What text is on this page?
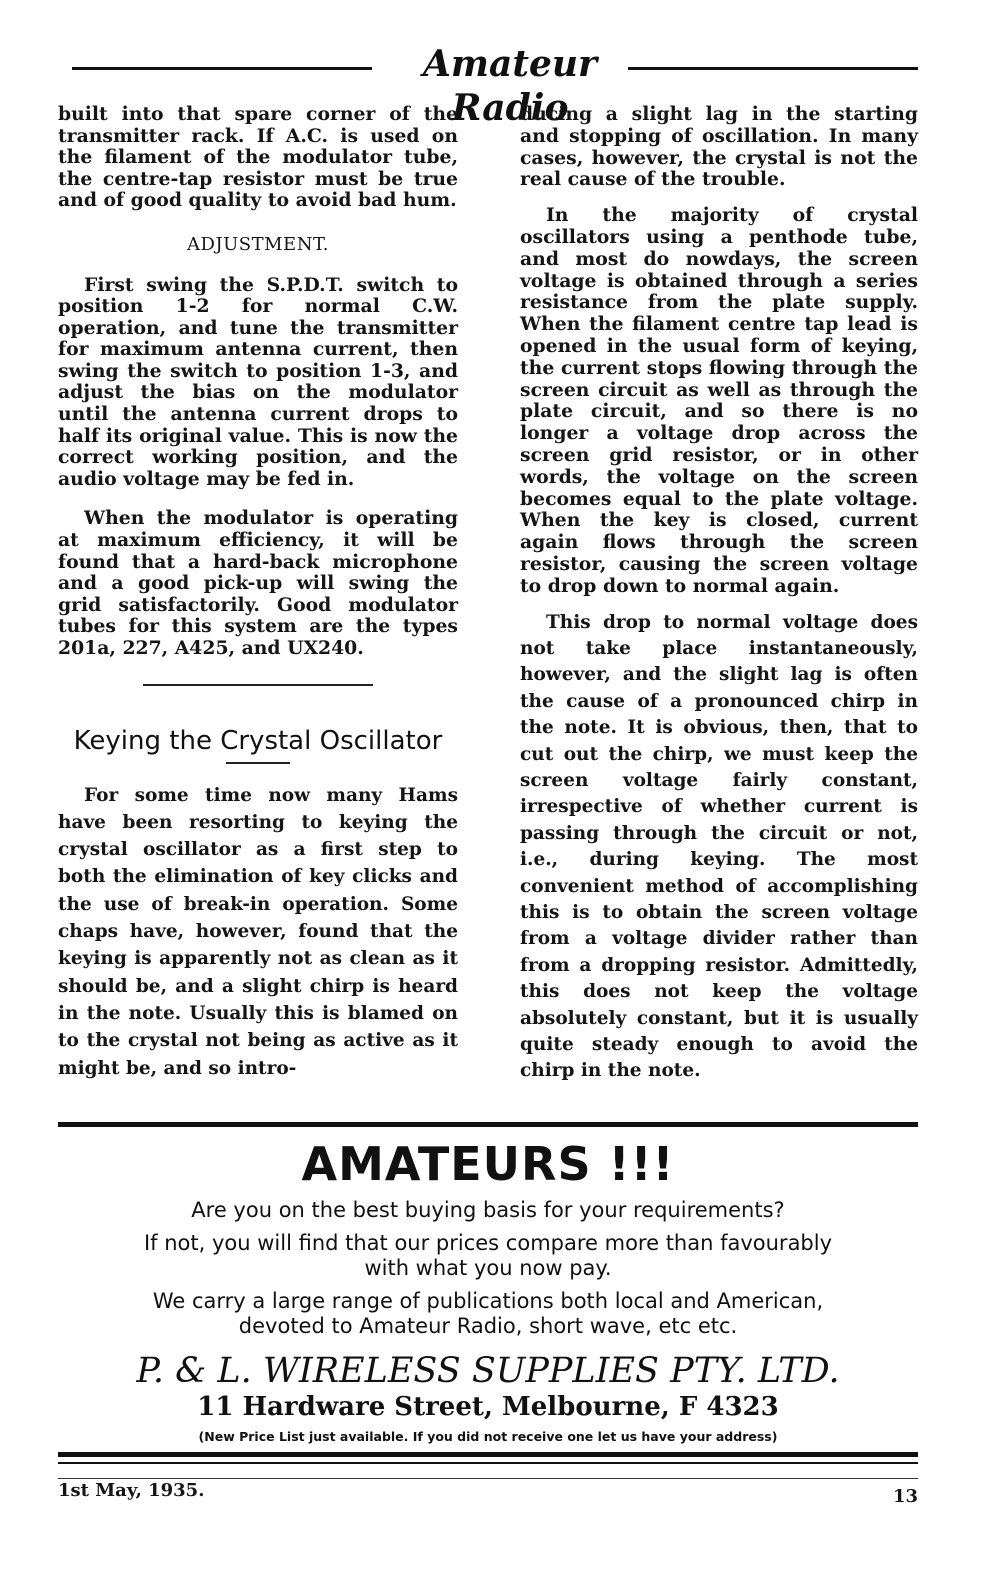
Amateur Radio

built into that spare corner of the transmitter rack. If A.C. is used on the filament of the modulator tube, the centre-tap resistor must be true and of good quality to avoid bad hum.

ADJUSTMENT.

First swing the S.P.D.T. switch to position 1-2 for normal C.W. operation, and tune the transmitter for maximum antenna current, then swing the switch to position 1-3, and adjust the bias on the modulator until the antenna current drops to half its original value. This is now the correct working position, and the audio voltage may be fed in.

When the modulator is operating at maximum efficiency, it will be found that a hard-back microphone and a good pick-up will swing the grid satisfactorily. Good modulator tubes for this system are the types 201a, 227, A425, and UX240.

Keying the Crystal Oscillator

For some time now many Hams have been resorting to keying the crystal oscillator as a first step to both the elimination of key clicks and the use of break-in operation. Some chaps have, however, found that the keying is apparently not as clean as it should be, and a slight chirp is heard in the note. Usually this is blamed on to the crystal not being as active as it might be, and so intro-

ducing a slight lag in the starting and stopping of oscillation. In many cases, however, the crystal is not the real cause of the trouble.

In the majority of crystal oscillators using a penthode tube, and most do nowdays, the screen voltage is obtained through a series resistance from the plate supply. When the filament centre tap lead is opened in the usual form of keying, the current stops flowing through the screen circuit as well as through the plate circuit, and so there is no longer a voltage drop across the screen grid resistor, or in other words, the voltage on the screen becomes equal to the plate voltage. When the key is closed, current again flows through the screen resistor, causing the screen voltage to drop down to normal again.

This drop to normal voltage does not take place instantaneously, however, and the slight lag is often the cause of a pronounced chirp in the note. It is obvious, then, that to cut out the chirp, we must keep the screen voltage fairly constant, irrespective of whether current is passing through the circuit or not, i.e., during keying. The most convenient method of accomplishing this is to obtain the screen voltage from a voltage divider rather than from a dropping resistor. Admittedly, this does not keep the voltage absolutely constant, but it is usually quite steady enough to avoid the chirp in the note.

AMATEURS !!!

Are you on the best buying basis for your requirements?

If not, you will find that our prices compare more than favourably

with what you now pay.

We carry a large range of publications both local and American,

devoted to Amateur Radio, short wave, etc etc.

P. & L. WIRELESS SUPPLIES PTY. LTD.

11 Hardware Street, Melbourne, F 4323

(New Price List just available. If you did not receive one let us have your address)

1st May, 1935.	13
